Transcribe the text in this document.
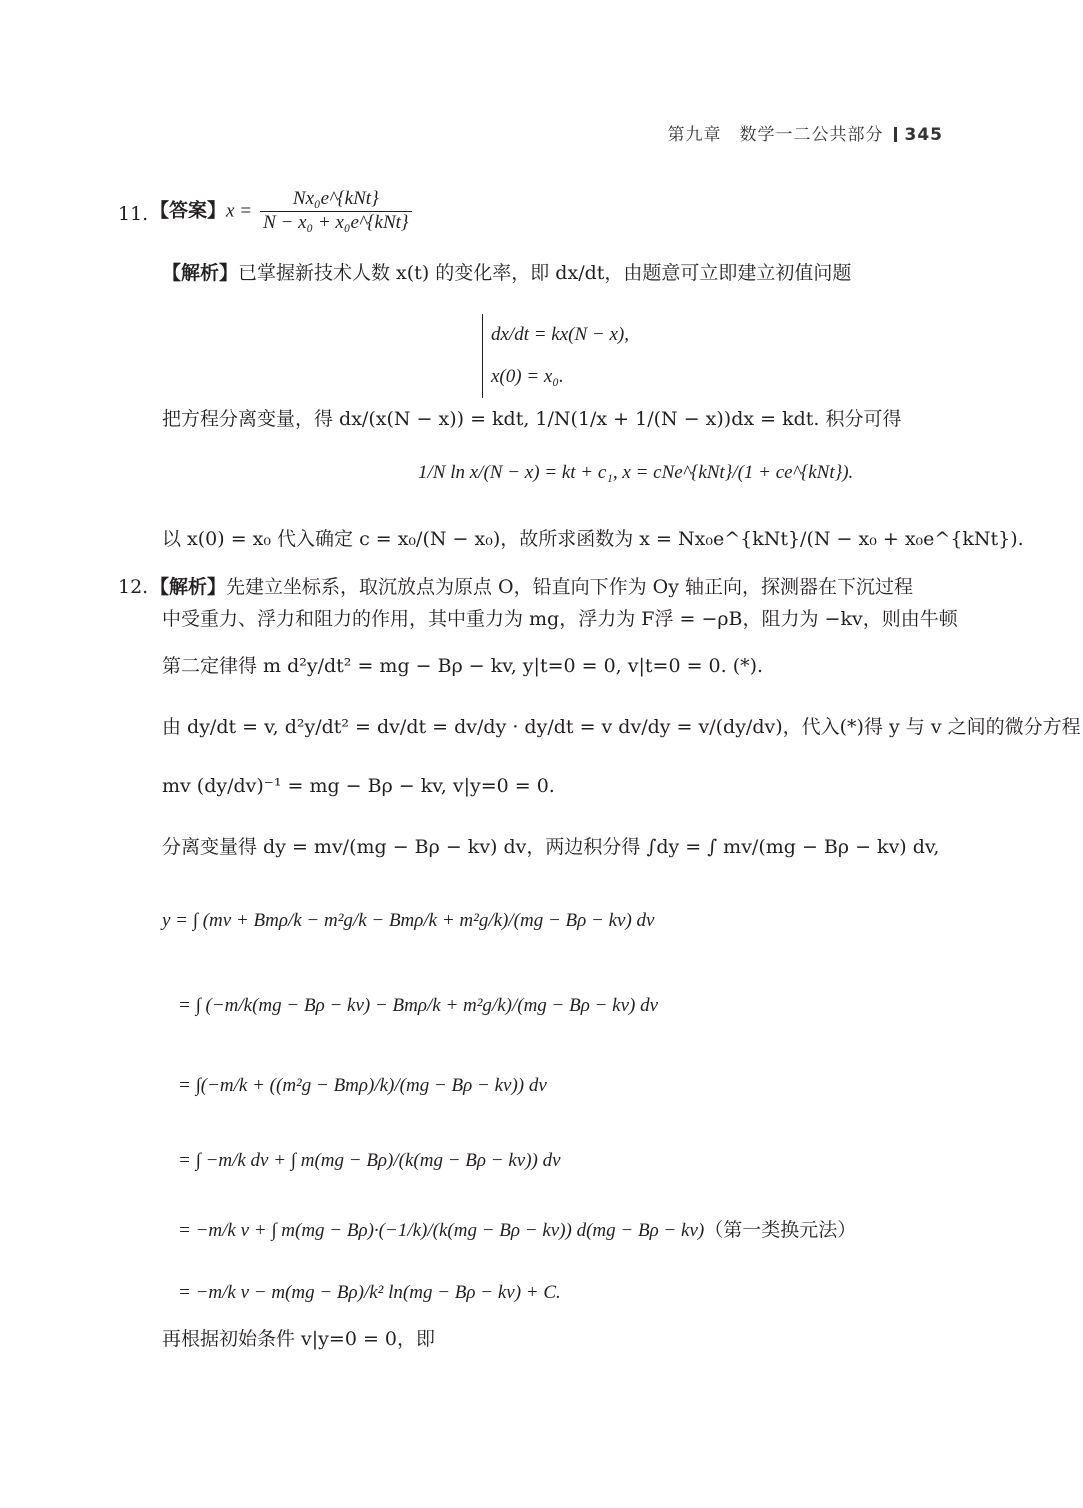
第九章　数学一二公共部分 345
11. 【答案】$x = \frac{\text{Nx₀e\textasciicircum{}\{kNt\}}}{\text{N − x₀ + x₀e\textasciicircum{}\{kNt\}}}$
【解析】已掌握新技术人数 x(t) 的变化率，即 dx/dt，由题意可立即建立初值问题
dx/dt = kx(N − x),
x(0) = x₀.
把方程分离变量，得 dx/(x(N − x)) = kdt, 1/N(1/x + 1/(N − x))dx = kdt. 积分可得
1/N ln x/(N − x) = kt + c₁, x = cNe^{kNt}/(1 + ce^{kNt}).
以 x(0) = x₀ 代入确定 c = x₀/(N − x₀)，故所求函数为 x = Nx₀e^{kNt}/(N − x₀ + x₀e^{kNt}).
12. 【解析】先建立坐标系，取沉放点为原点 O，铅直向下作为 Oy 轴正向，探测器在下沉过程
中受重力、浮力和阻力的作用，其中重力为 mg，浮力为 F浮 = −ρB，阻力为 −kv，则由牛顿
第二定律得 m d²y/dt² = mg − Bρ − kv, y|t=0 = 0, v|t=0 = 0. (*).
由 dy/dt = v, d²y/dt² = dv/dt = dv/dy · dy/dt = v dv/dy = v/(dy/dv)，代入(*)得 y 与 v 之间的微分方程
mv (dy/dv)⁻¹ = mg − Bρ − kv, v|y=0 = 0.
分离变量得 dy = mv/(mg − Bρ − kv) dv，两边积分得 ∫dy = ∫ mv/(mg − Bρ − kv) dv,
y = ∫ (mv + Bmρ/k − m²g/k − Bmρ/k + m²g/k)/(mg − Bρ − kv) dv
= ∫ (−m/k(mg − Bρ − kv) − Bmρ/k + m²g/k)/(mg − Bρ − kv) dv
= ∫(−m/k + ((m²g − Bmρ)/k)/(mg − Bρ − kv)) dv
= ∫ −m/k dv + ∫ m(mg − Bρ)/(k(mg − Bρ − kv)) dv
= −m/k v + ∫ m(mg − Bρ)·(−1/k)/(k(mg − Bρ − kv)) d(mg − Bρ − kv)（第一类换元法）
= −m/k v − m(mg − Bρ)/k² ln(mg − Bρ − kv) + C.
再根据初始条件 v|y=0 = 0，即
